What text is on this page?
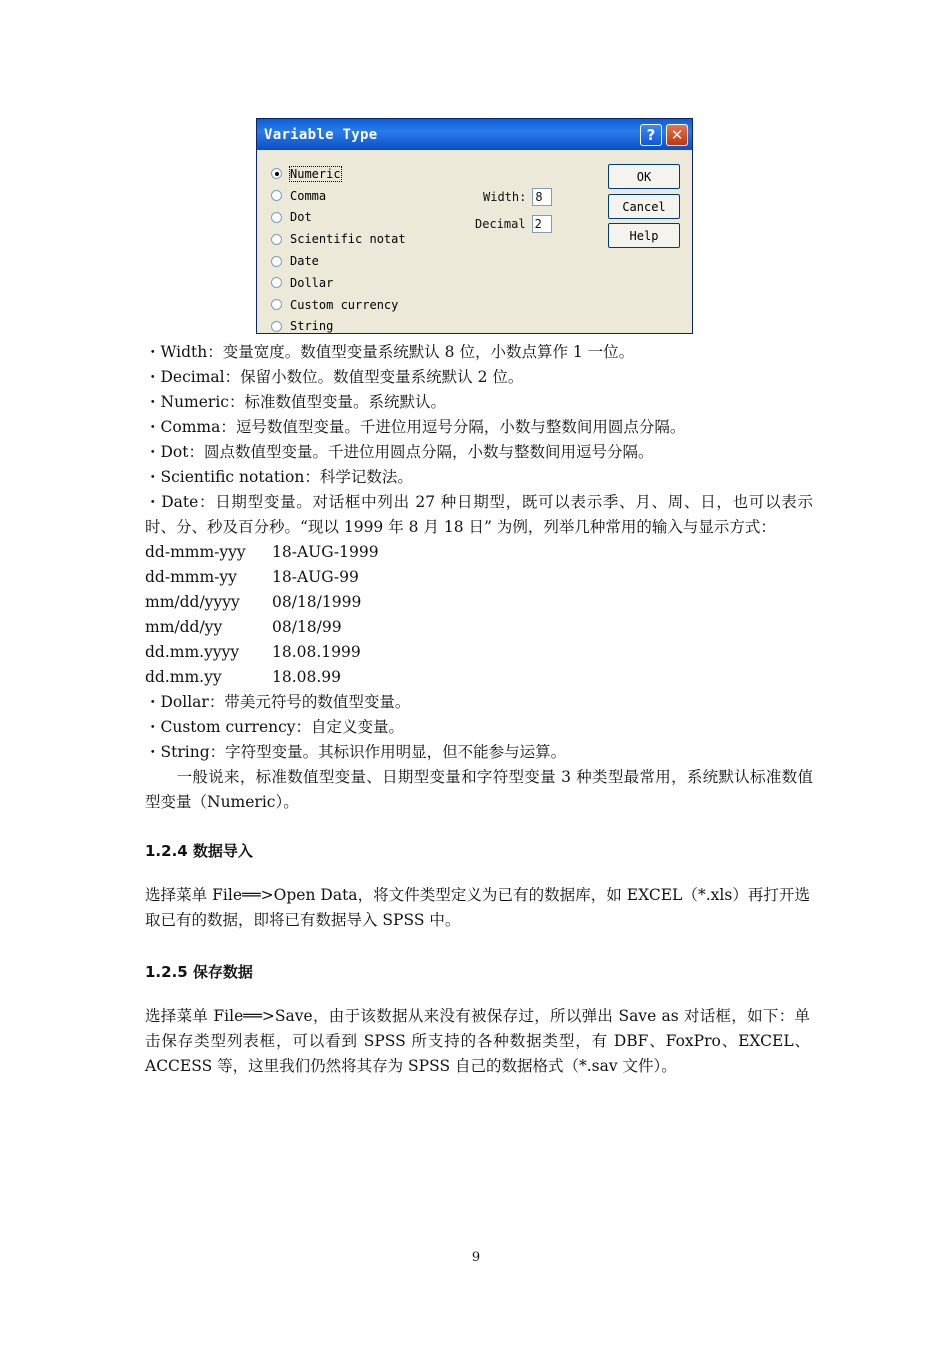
Variable Type	?	✕
Numeric
Comma
Dot
Scientific notat
Date
Dollar
Custom currency
String
Width: 8
Decimal 2
OK
Cancel
Help
・Width：变量宽度。数值型变量系统默认 8 位，小数点算作 1 一位。
・Decimal：保留小数位。数值型变量系统默认 2 位。
・Numeric：标准数值型变量。系统默认。
・Comma：逗号数值型变量。千进位用逗号分隔，小数与整数间用圆点分隔。
・Dot：圆点数值型变量。千进位用圆点分隔，小数与整数间用逗号分隔。
・Scientific notation：科学记数法。
・Date：日期型变量。对话框中列出 27 种日期型，既可以表示季、月、周、日，也可以表示时、分、秒及百分秒。“现以 1999 年 8 月 18 日” 为例，列举几种常用的输入与显示方式：
dd-mmm-yyy	18-AUG-1999
dd-mmm-yy	18-AUG-99
mm/dd/yyyy	08/18/1999
mm/dd/yy	08/18/99
dd.mm.yyyy	18.08.1999
dd.mm.yy	18.08.99
・Dollar：带美元符号的数值型变量。
・Custom currency：自定义变量。
・String：字符型变量。其标识作用明显，但不能参与运算。
　　一般说来，标准数值型变量、日期型变量和字符型变量 3 种类型最常用，系统默认标准数值型变量（Numeric）。
1.2.4 数据导入
选择菜单 File══>Open Data，将文件类型定义为已有的数据库，如 EXCEL（*.xls）再打开选取已有的数据，即将已有数据导入 SPSS 中。
1.2.5 保存数据
选择菜单 File══>Save，由于该数据从来没有被保存过，所以弹出 Save as 对话框，如下：单击保存类型列表框，可以看到 SPSS 所支持的各种数据类型，有 DBF、FoxPro、EXCEL、ACCESS 等，这里我们仍然将其存为 SPSS 自己的数据格式（*.sav 文件）。
9
